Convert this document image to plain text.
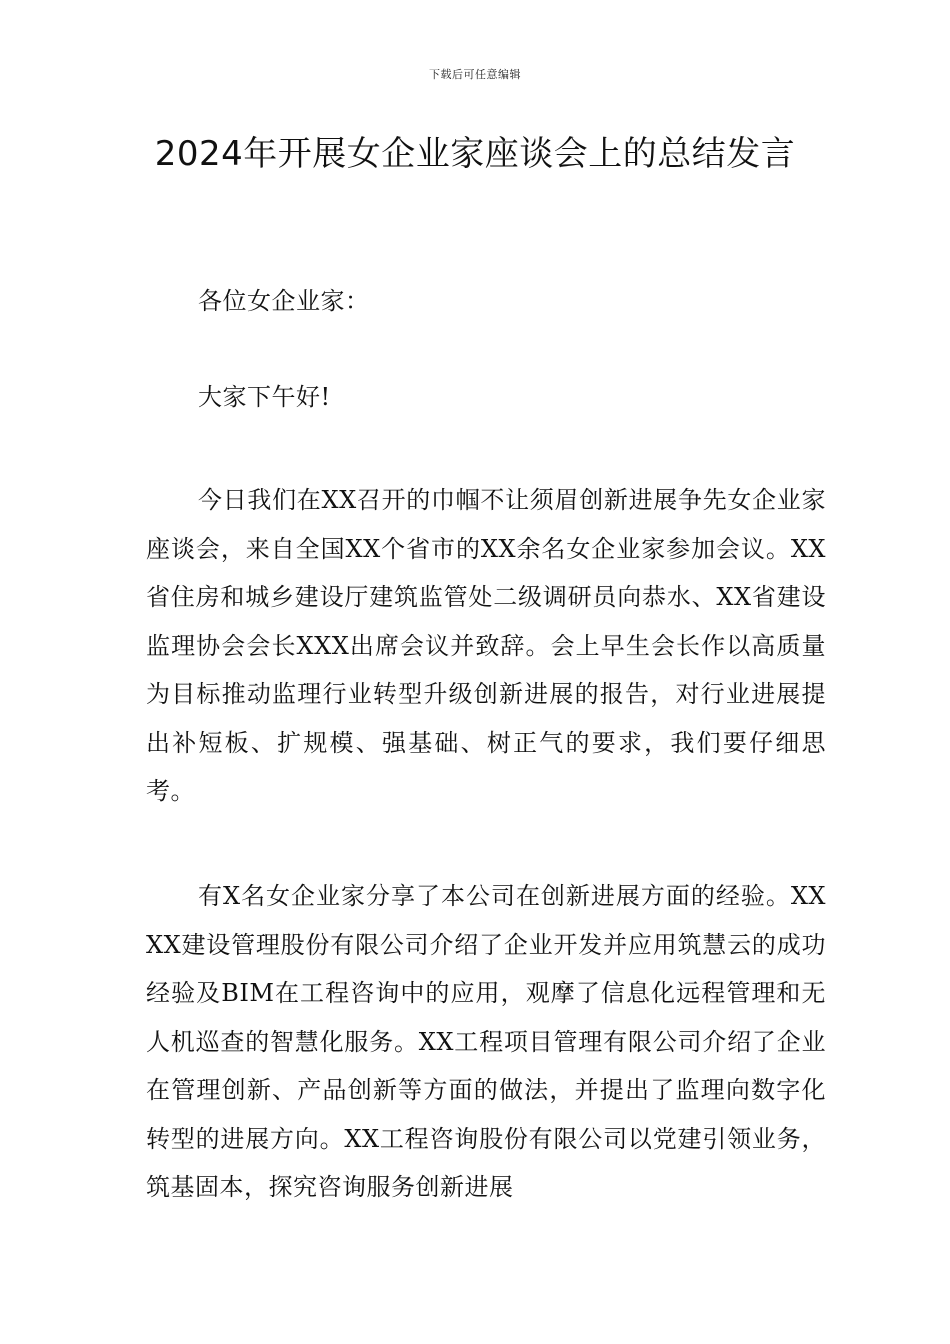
下载后可任意编辑
2024年开展女企业家座谈会上的总结发言

各位女企业家：

大家下午好!

今日我们在XX召开的巾帼不让须眉创新进展争先女企业家座谈会，来自全国XX个省市的XX余名女企业家参加会议。XX省住房和城乡建设厅建筑监管处二级调研员向恭水、XX省建设监理协会会长XXX出席会议并致辞。会上早生会长作以高质量为目标推动监理行业转型升级创新进展的报告，对行业进展提出补短板、扩规模、强基础、树正气的要求，我们要仔细思考。

有X名女企业家分享了本公司在创新进展方面的经验。XXXX建设管理股份有限公司介绍了企业开发并应用筑慧云的成功经验及BIM在工程咨询中的应用，观摩了信息化远程管理和无人机巡查的智慧化服务。XX工程项目管理有限公司介绍了企业在管理创新、产品创新等方面的做法，并提出了监理向数字化转型的进展方向。XX工程咨询股份有限公司以党建引领业务，筑基固本，探究咨询服务创新进展
